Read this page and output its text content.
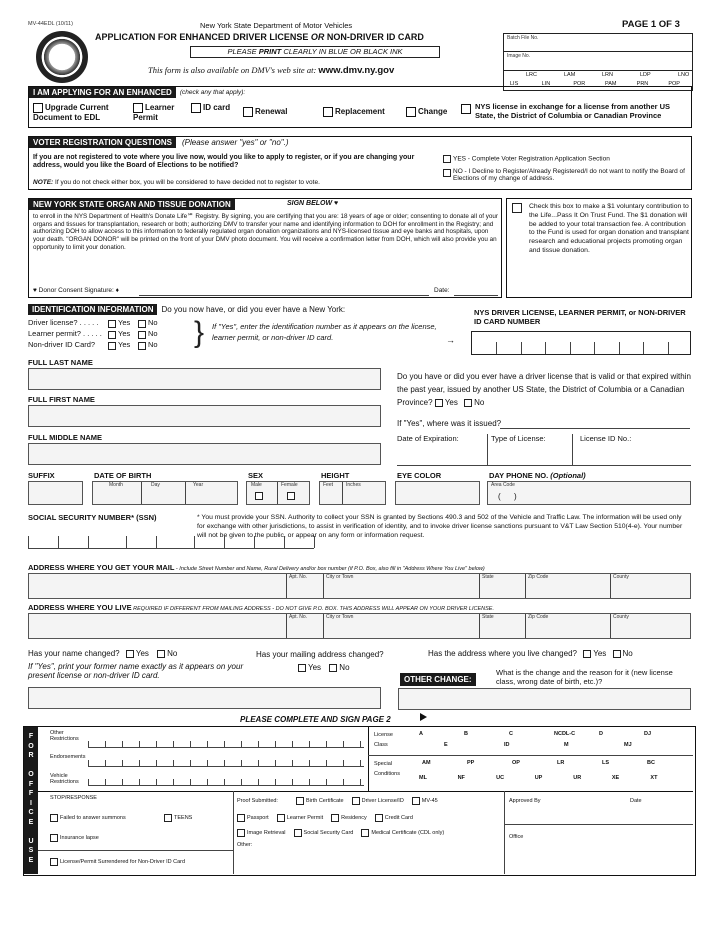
MV-44EDL (10/11)	New York State Department of Motor Vehicles
APPLICATION FOR ENHANCED DRIVER LICENSE OR NON-DRIVER ID CARD
PLEASE PRINT CLEARLY IN BLUE OR BLACK INK
This form is also available on DMV's web site at: www.dmv.ny.gov
PAGE 1 OF 3
Batch File No.
Image No.
LRC	LAM	LRN	LDP	LNO
LIS	LIN	POR	PAM	PRN	POP
I AM APPLYING FOR AN ENHANCED	(check any that apply):
Upgrade Current Document to EDL
Learner Permit
ID card	Renewal	Replacement	Change
NYS license in exchange for a license from another US State, the District of Columbia or Canadian Province
VOTER REGISTRATION QUESTIONS	(Please answer "yes" or "no".)
If you are not registered to vote where you live now, would you like to apply to register, or if you are changing your address, would you like the Board of Elections to be notified?
NOTE: If you do not check either box, you will be considered to have decided not to register to vote.
YES - Complete Voter Registration Application Section
NO - I Decline to Register/Already Registered/I do not want to notify the Board of Elections of my change of address.
NEW YORK STATE ORGAN AND TISSUE DONATION	SIGN BELOW ♥
to enroll in the NYS Department of Health's Donate Life℠ Registry. By signing, you are certifying that you are: 18 years of age or older; consenting to donate all of your organs and tissues for transplantation, research or both; authorizing DMV to transfer your name and identifying information to DOH for enrollment in the Registry; and authorizing DOH to allow access to this information to federally regulated organ donation organizations and NYS-licensed tissue and eye banks and hospitals, upon your death. "ORGAN DONOR" will be printed on the front of your DMV photo document. You will receive a confirmation letter from DOH, which will also provide you an opportunity to limit your donation.
♥ Donor Consent Signature: ♦	Date:
Check this box to make a $1 voluntary contribution to the Life...Pass It On Trust Fund. The $1 donation will be added to your total transaction fee. A contribution to the Fund is used for organ donation and transplant research and educational projects promoting organ and tissue donation.
IDENTIFICATION INFORMATION	Do you now have, or did you ever have a New York:
Driver license? . . . . .	Yes	No
Learner permit? . . . . .	Yes	No
Non-driver ID Card?	Yes	No } If "Yes", enter the identification number as it appears on the license, learner permit, or non-driver ID card.	→
NYS DRIVER LICENSE, LEARNER PERMIT, or NON-DRIVER ID CARD NUMBER
FULL LAST NAME
FULL FIRST NAME
FULL MIDDLE NAME
Do you have or did you ever have a driver license that is valid or that expired within the past year, issued by another US State, the District of Columbia or a Canadian Province? Yes No
If "Yes", where was it issued?
Date of Expiration:	Type of License:	License ID No.:
SUFFIX	DATE OF BIRTH
Month	Day	Year
SEX
Male	Female
HEIGHT
Feet	Inches
EYE COLOR	DAY PHONE NO. (Optional)
Area Code
(      )
SOCIAL SECURITY NUMBER* (SSN)	* You must provide your SSN. Authority to collect your SSN is granted by Sections 490.3 and 502 of the Vehicle and Traffic Law. The information will be used only for exchange with other jurisdictions, to assist in verification of identity, and to invoke driver license sanctions pursuant to V&T Law Section 510(4-e). Your number will not be given to the public, or appear on any form or information request.
ADDRESS WHERE YOU GET YOUR MAIL - Include Street Number and Name, Rural Delivery and/or box number (if P.O. Box, also fill in "Address Where You Live" below)
Apt. No.	City or Town	State	Zip Code	County
ADDRESS WHERE YOU LIVE REQUIRED IF DIFFERENT FROM MAILING ADDRESS - DO NOT GIVE P.O. BOX. THIS ADDRESS WILL APPEAR ON YOUR DRIVER LICENSE.
Apt. No.	City or Town	State	Zip Code	County
Has your name changed? Yes No	Has your mailing address changed?
Yes No
Has the address where you live changed? Yes No
If "Yes", print your former name exactly as it appears on your present license or non-driver ID card.	OTHER CHANGE:
What is the change and the reason for it (new license class, wrong date of birth, etc.)?
PLEASE COMPLETE AND SIGN PAGE 2
F
O
R

O
F
F
I
C
E

U
S
E
Other Restrictions
Endorsements
Vehicle Restrictions
License Class
A	B	C	NCDL-C	D	DJ
E	ID	M	MJ
Special Conditions
AM	PP	OP	LR	LS	BC
ML	NF	UC	UP	UR	XE	XT
STOP/RESPONSE
Failed to answer summons	TEENS
Insurance lapse
License/Permit Surrendered for Non-Driver ID Card
Proof Submitted:	Birth Certificate	Driver License/ID	MV-45
Passport	Learner Permit	Residency	Credit Card
Image Retrieval	Social Security Card	Medical Certificate (CDL only)
Other:
Approved By	Date
Office
